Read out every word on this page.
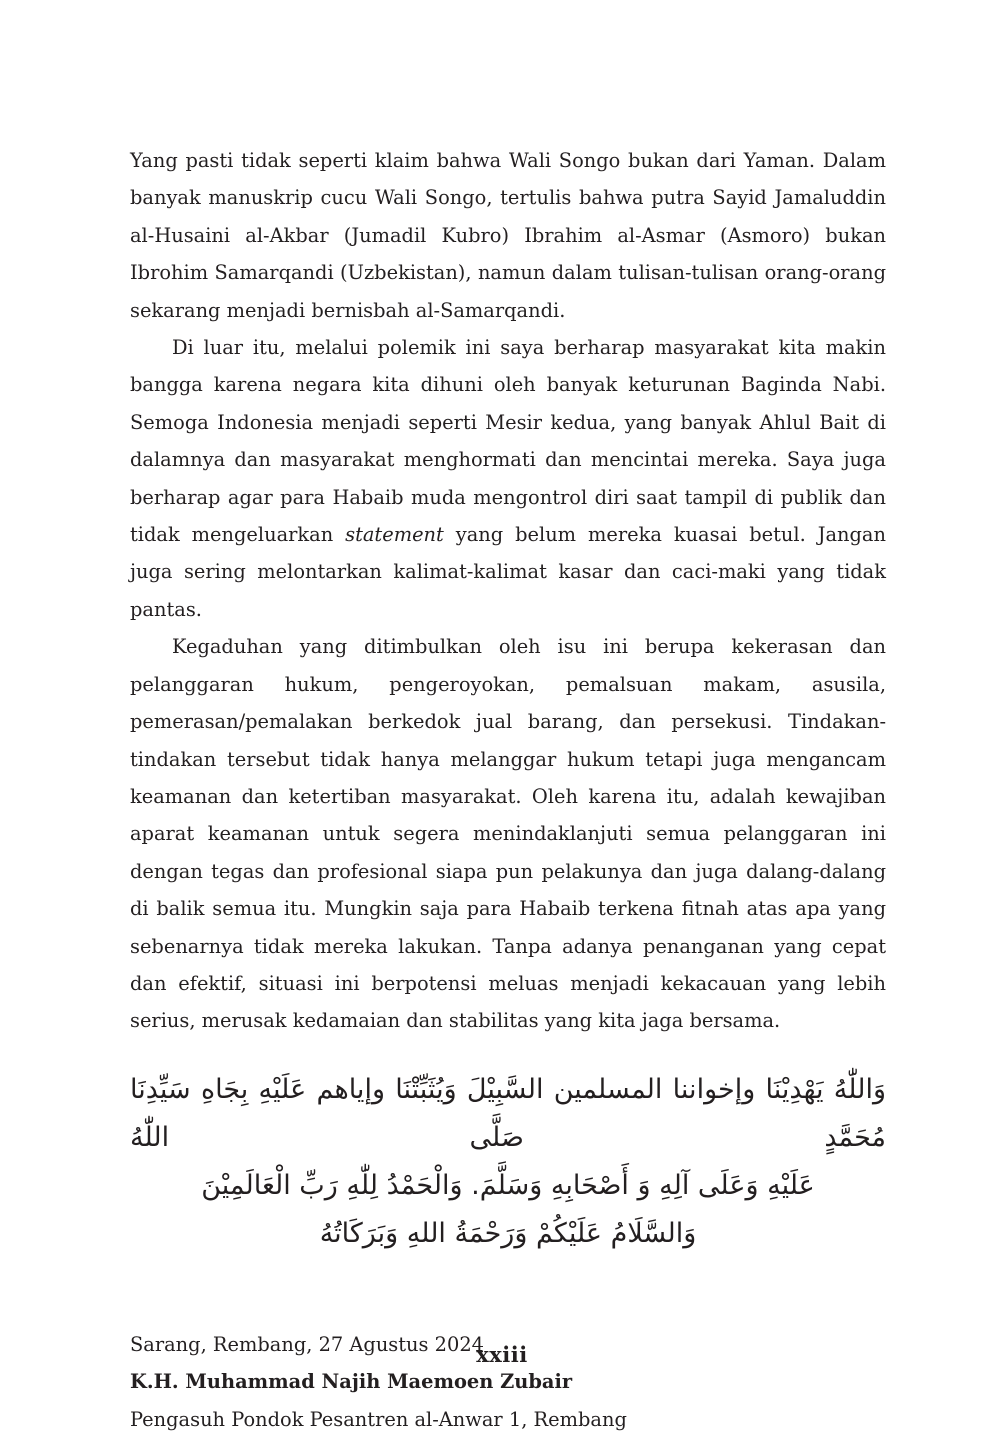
Yang pasti tidak seperti klaim bahwa Wali Songo bukan dari Yaman. Dalam banyak manuskrip cucu Wali Songo, tertulis bahwa putra Sayid Jamaluddin al-Husaini al-Akbar (Jumadil Kubro) Ibrahim al-Asmar (Asmoro) bukan Ibrohim Samarqandi (Uzbekistan), namun dalam tulisan-tulisan orang-orang sekarang menjadi bernisbah al-Samarqandi.

Di luar itu, melalui polemik ini saya berharap masyarakat kita makin bangga karena negara kita dihuni oleh banyak keturunan Baginda Nabi. Semoga Indonesia menjadi seperti Mesir kedua, yang banyak Ahlul Bait di dalamnya dan masyarakat menghormati dan mencintai mereka. Saya juga berharap agar para Habaib muda mengontrol diri saat tampil di publik dan tidak mengeluarkan statement yang belum mereka kuasai betul. Jangan juga sering melontarkan kalimat-kalimat kasar dan caci-maki yang tidak pantas.

Kegaduhan yang ditimbulkan oleh isu ini berupa kekerasan dan pelanggaran hukum, pengeroyokan, pemalsuan makam, asusila, pemerasan/pemalakan berkedok jual barang, dan persekusi. Tindakan-tindakan tersebut tidak hanya melanggar hukum tetapi juga mengancam keamanan dan ketertiban masyarakat. Oleh karena itu, adalah kewajiban aparat keamanan untuk segera menindaklanjuti semua pelanggaran ini dengan tegas dan profesional siapa pun pelakunya dan juga dalang-dalang di balik semua itu. Mungkin saja para Habaib terkena fitnah atas apa yang sebenarnya tidak mereka lakukan. Tanpa adanya penanganan yang cepat dan efektif, situasi ini berpotensi meluas menjadi kekacauan yang lebih serius, merusak kedamaian dan stabilitas yang kita jaga bersama.

وَاللّٰهُ يَهْدِيْنَا وإخواننا المسلمين السَّبِيْلَ وَيُثَبِّتْنَا وإياهم عَلَيْهِ بِجَاهِ سَيِّدِنَا مُحَمَّدٍ صَلَّى اللّٰهُ
عَلَيْهِ وَعَلَى آلِهِ وَ أَصْحَابِهِ وَسَلَّمَ. وَالْحَمْدُ لِلّٰهِ رَبِّ الْعَالَمِيْنَ
وَالسَّلَامُ عَلَيْكُمْ وَرَحْمَةُ اللهِ وَبَرَكَاتُهُ
Sarang, Rembang, 27 Agustus 2024
K.H. Muhammad Najih Maemoen Zubair
Pengasuh Pondok Pesantren al-Anwar 1, Rembang
xxiii
